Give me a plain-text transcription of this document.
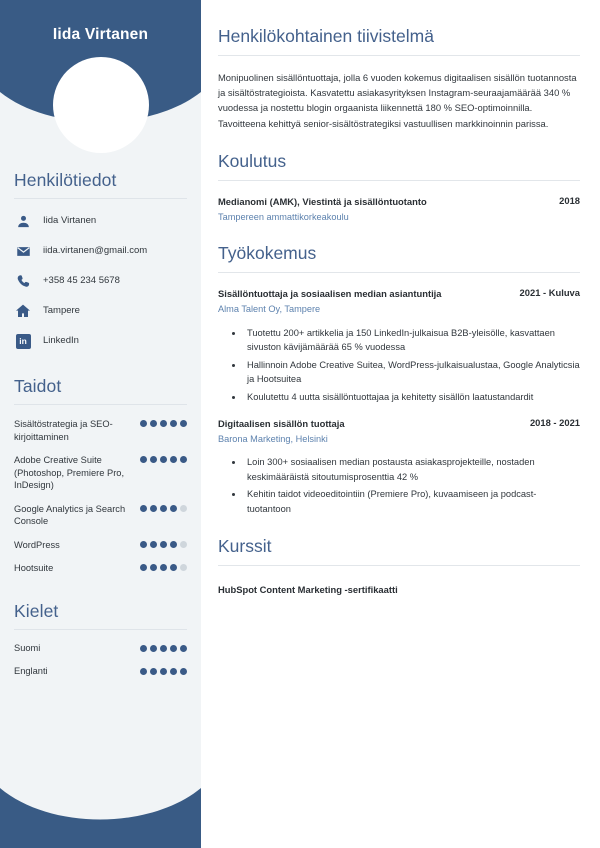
Iida Virtanen
Henkilötiedot
Iida Virtanen
iida.virtanen@gmail.com
+358 45 234 5678
Tampere
in	LinkedIn
Taidot
Sisältöstrategia ja SEO-kirjoittaminen
Adobe Creative Suite (Photoshop, Premiere Pro, InDesign)
Google Analytics ja Search Console
WordPress
Hootsuite
Kielet
Suomi
Englanti
Henkilökohtainen tiivistelmä

Monipuolinen sisällöntuottaja, jolla 6 vuoden kokemus digitaalisen sisällön tuotannosta ja sisältöstrategioista. Kasvatettu asiakasyrityksen Instagram-seuraajamäärää 340 % vuodessa ja nostettu blogin orgaanista liikennettä 180 % SEO-optimoinnilla. Tavoitteena kehittyä senior-sisältöstrategiksi vastuullisen markkinoinnin parissa.

Koulutus
Medianomi (AMK), Viestintä ja sisällöntuotanto	2018
Tampereen ammattikorkeakoulu
Työkokemus
Sisällöntuottaja ja sosiaalisen median asiantuntija	2021 - Kuluva
Alma Talent Oy, Tampere
• Tuotettu 200+ artikkelia ja 150 LinkedIn-julkaisua B2B-yleisölle, kasvattaen sivuston kävijämäärää 65 % vuodessa
• Hallinnoin Adobe Creative Suitea, WordPress-julkaisualustaa, Google Analyticsia ja Hootsuitea
• Koulutettu 4 uutta sisällöntuottajaa ja kehitetty sisällön laatustandardit
Digitaalisen sisällön tuottaja	2018 - 2021
Barona Marketing, Helsinki
• Loin 300+ sosiaalisen median postausta asiakasprojekteille, nostaden keskimääräistä sitoutumisprosenttia 42 %
• Kehitin taidot videoeditointiin (Premiere Pro), kuvaamiseen ja podcast-tuotantoon
Kurssit
HubSpot Content Marketing -sertifikaatti
